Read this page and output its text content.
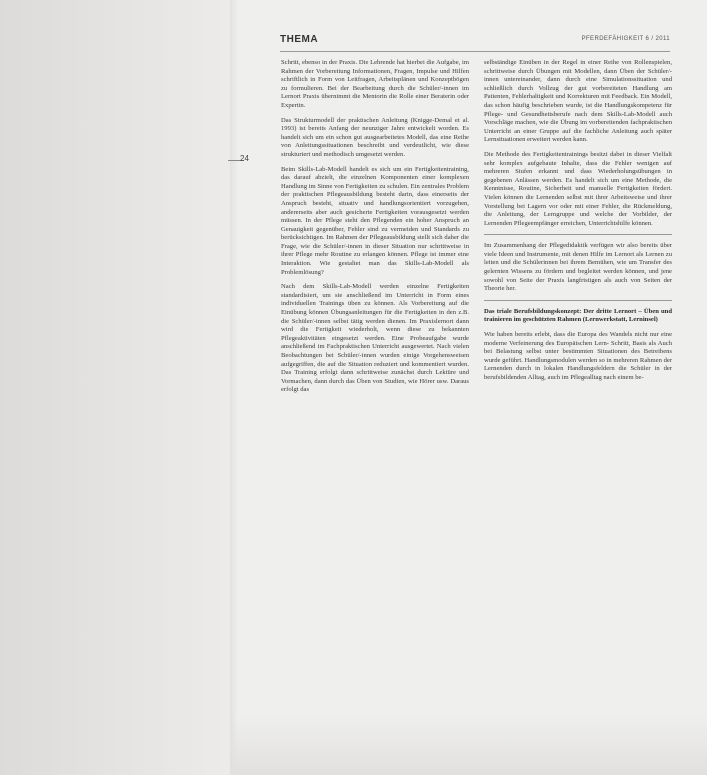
THEMA	PFERDEFÄHIGKEIT 6 / 2011
24

Schritt, ebenso in der Praxis. Die Lehrende hat hierbei die Aufgabe, im Rahmen der Vorbereitung Informationen, Fragen, Impulse und Hilfen schriftlich in Form von Leitfragen, Arbeitsplänen und Konzeptbögen zu formulieren. Bei der Bearbeitung durch die Schüler/-innen im Lernort Praxis übernimmt die Mentorin die Rolle einer Beraterin oder Expertin.

Das Strukturmodell der praktischen Anleitung (Knigge-Demal et al. 1993) ist bereits Anfang der neunziger Jahre entwickelt worden. Es handelt sich um ein schon gut ausgearbeitetes Modell, das eine Reihe von Anleitungssituationen beschreibt und verdeutlicht, wie diese strukturiert und methodisch umgesetzt werden.

Beim Skills-Lab-Modell handelt es sich um ein Fertigkeitentraining, das darauf abzielt, die einzelnen Komponenten einer komplexen Handlung im Sinne von Fertigkeiten zu schulen. Ein zentrales Problem der praktischen Pflegeausbildung besteht darin, dass einerseits der Anspruch besteht, situativ und handlungsorientiert vorzugehen, andererseits aber auch gesicherte Fertigkeiten vorausgesetzt werden müssen. In der Pflege steht den Pflegenden ein hoher Anspruch an Genauigkeit gegenüber, Fehler sind zu vermeiden und Standards zu berücksichtigen. Im Rahmen der Pflegeausbildung stellt sich daher die Frage, wie die Schüler/-innen in dieser Situation nur schrittweise in ihrer Pflege mehr Routine zu erlangen können. Pflege ist immer eine Interaktion. Wie gestaltet man das Skills-Lab-Modell als Problemlösung?

Nach dem Skills-Lab-Modell werden einzelne Fertigkeiten standardisiert, um sie anschließend im Unterricht in Form eines individuellen Trainings üben zu können. Als Vorbereitung auf die Einübung können Übungsanleitungen für die Fertigkeiten in den z.B. die Schüler/-innen selbst tätig werden dienen. Im Praxislernort dann wird die Fertigkeit wiederholt, wenn diese zu bekannten Pflegeaktivitäten eingesetzt werden. Eine Probeaufgabe wurde anschließend im Fachpraktischen Unterricht ausgewertet. Nach vielen Beobachtungen bei Schüler/-innen wurden einige Vorgehensweisen aufgegriffen, die auf die Situation reduziert und kommentiert wurden. Das Training erfolgt dann schrittweise zunächst durch Lektüre und Vormachen, dann durch das Üben von Studien, wie Hörer usw. Daraus erfolgt das

selbständige Einüben in der Regel in einer Reihe von Rollenspielen, schrittweise durch Übungen mit Modellen, dann Üben der Schüler/-innen untereinander, dann durch eine Simulationssituation und schließlich durch Vollzug der gut vorbereiteten Handlung am Patienten, Fehlerhaltigkeit und Korrekturen mit Feedback. Ein Modell, das schon häufig beschrieben wurde, ist die Handlungskompetenz für Pflege- und Gesundheitsberufe nach dem Skills-Lab-Modell auch Vorschläge machen, wie die Übung im vorbereitenden fachpraktischen Unterricht an einer Gruppe auf die fachliche Anleitung auch später Lernsituationen erweitert werden kann.

Die Methode des Fertigkeitentrainings besitzt dabei in dieser Vielfalt sehr komplex aufgebaute Inhalte, dass die Fehler wenigen auf mehreren Stufen erkannt und dass Wiederholungsübungen in gegebenen Anlässen werden. Es handelt sich um eine Methode, die Kenntnisse, Routine, Sicherheit und manuelle Fertigkeiten fördert. Vielen können die Lernenden selbst mit ihrer Arbeitsweise und ihrer Vorstellung bei Lagern vor oder mit einer Fehler, die Rückmeldung, die Anleitung, der Lerngruppe und welche der Vorbilder, der Lernenden Pflegeempfänger erreichen, Unterrichtshilfe können.

Im Zusammenhang der Pflegedidaktik verfügen wir also bereits über viele Ideen und Instrumente, mit denen Hilfe im Lernort als Lernen zu leiten und die Schülerinnen bei ihrem Bemühen, wie um Transfer des gelernten Wissens zu fördern und begleitet werden können, und jene sowohl von Seite der Praxis langfristigen als auch von Seiten der Theorie her.

Das triale Berufsbildungskonzept: Der dritte Lernort – Üben und trainieren im geschützten Rahmen (Lernwerkstatt, Lerninsel)

Wie haben bereits erlebt, dass die Europa des Wandels nicht nur eine moderne Verfeinerung des Europäischen Lern- Schritt, Basis als Auch bei Belastung selbst unter bestimmten Situationen des Betreibens wurde geführt. Handlungsmodulen werden so in mehreren Rahmen der Lernenden durch in lokalen Handlungsfeldern die Schüler in der berufsbildenden Alltag, auch im Pflegealltag nach einem be-
